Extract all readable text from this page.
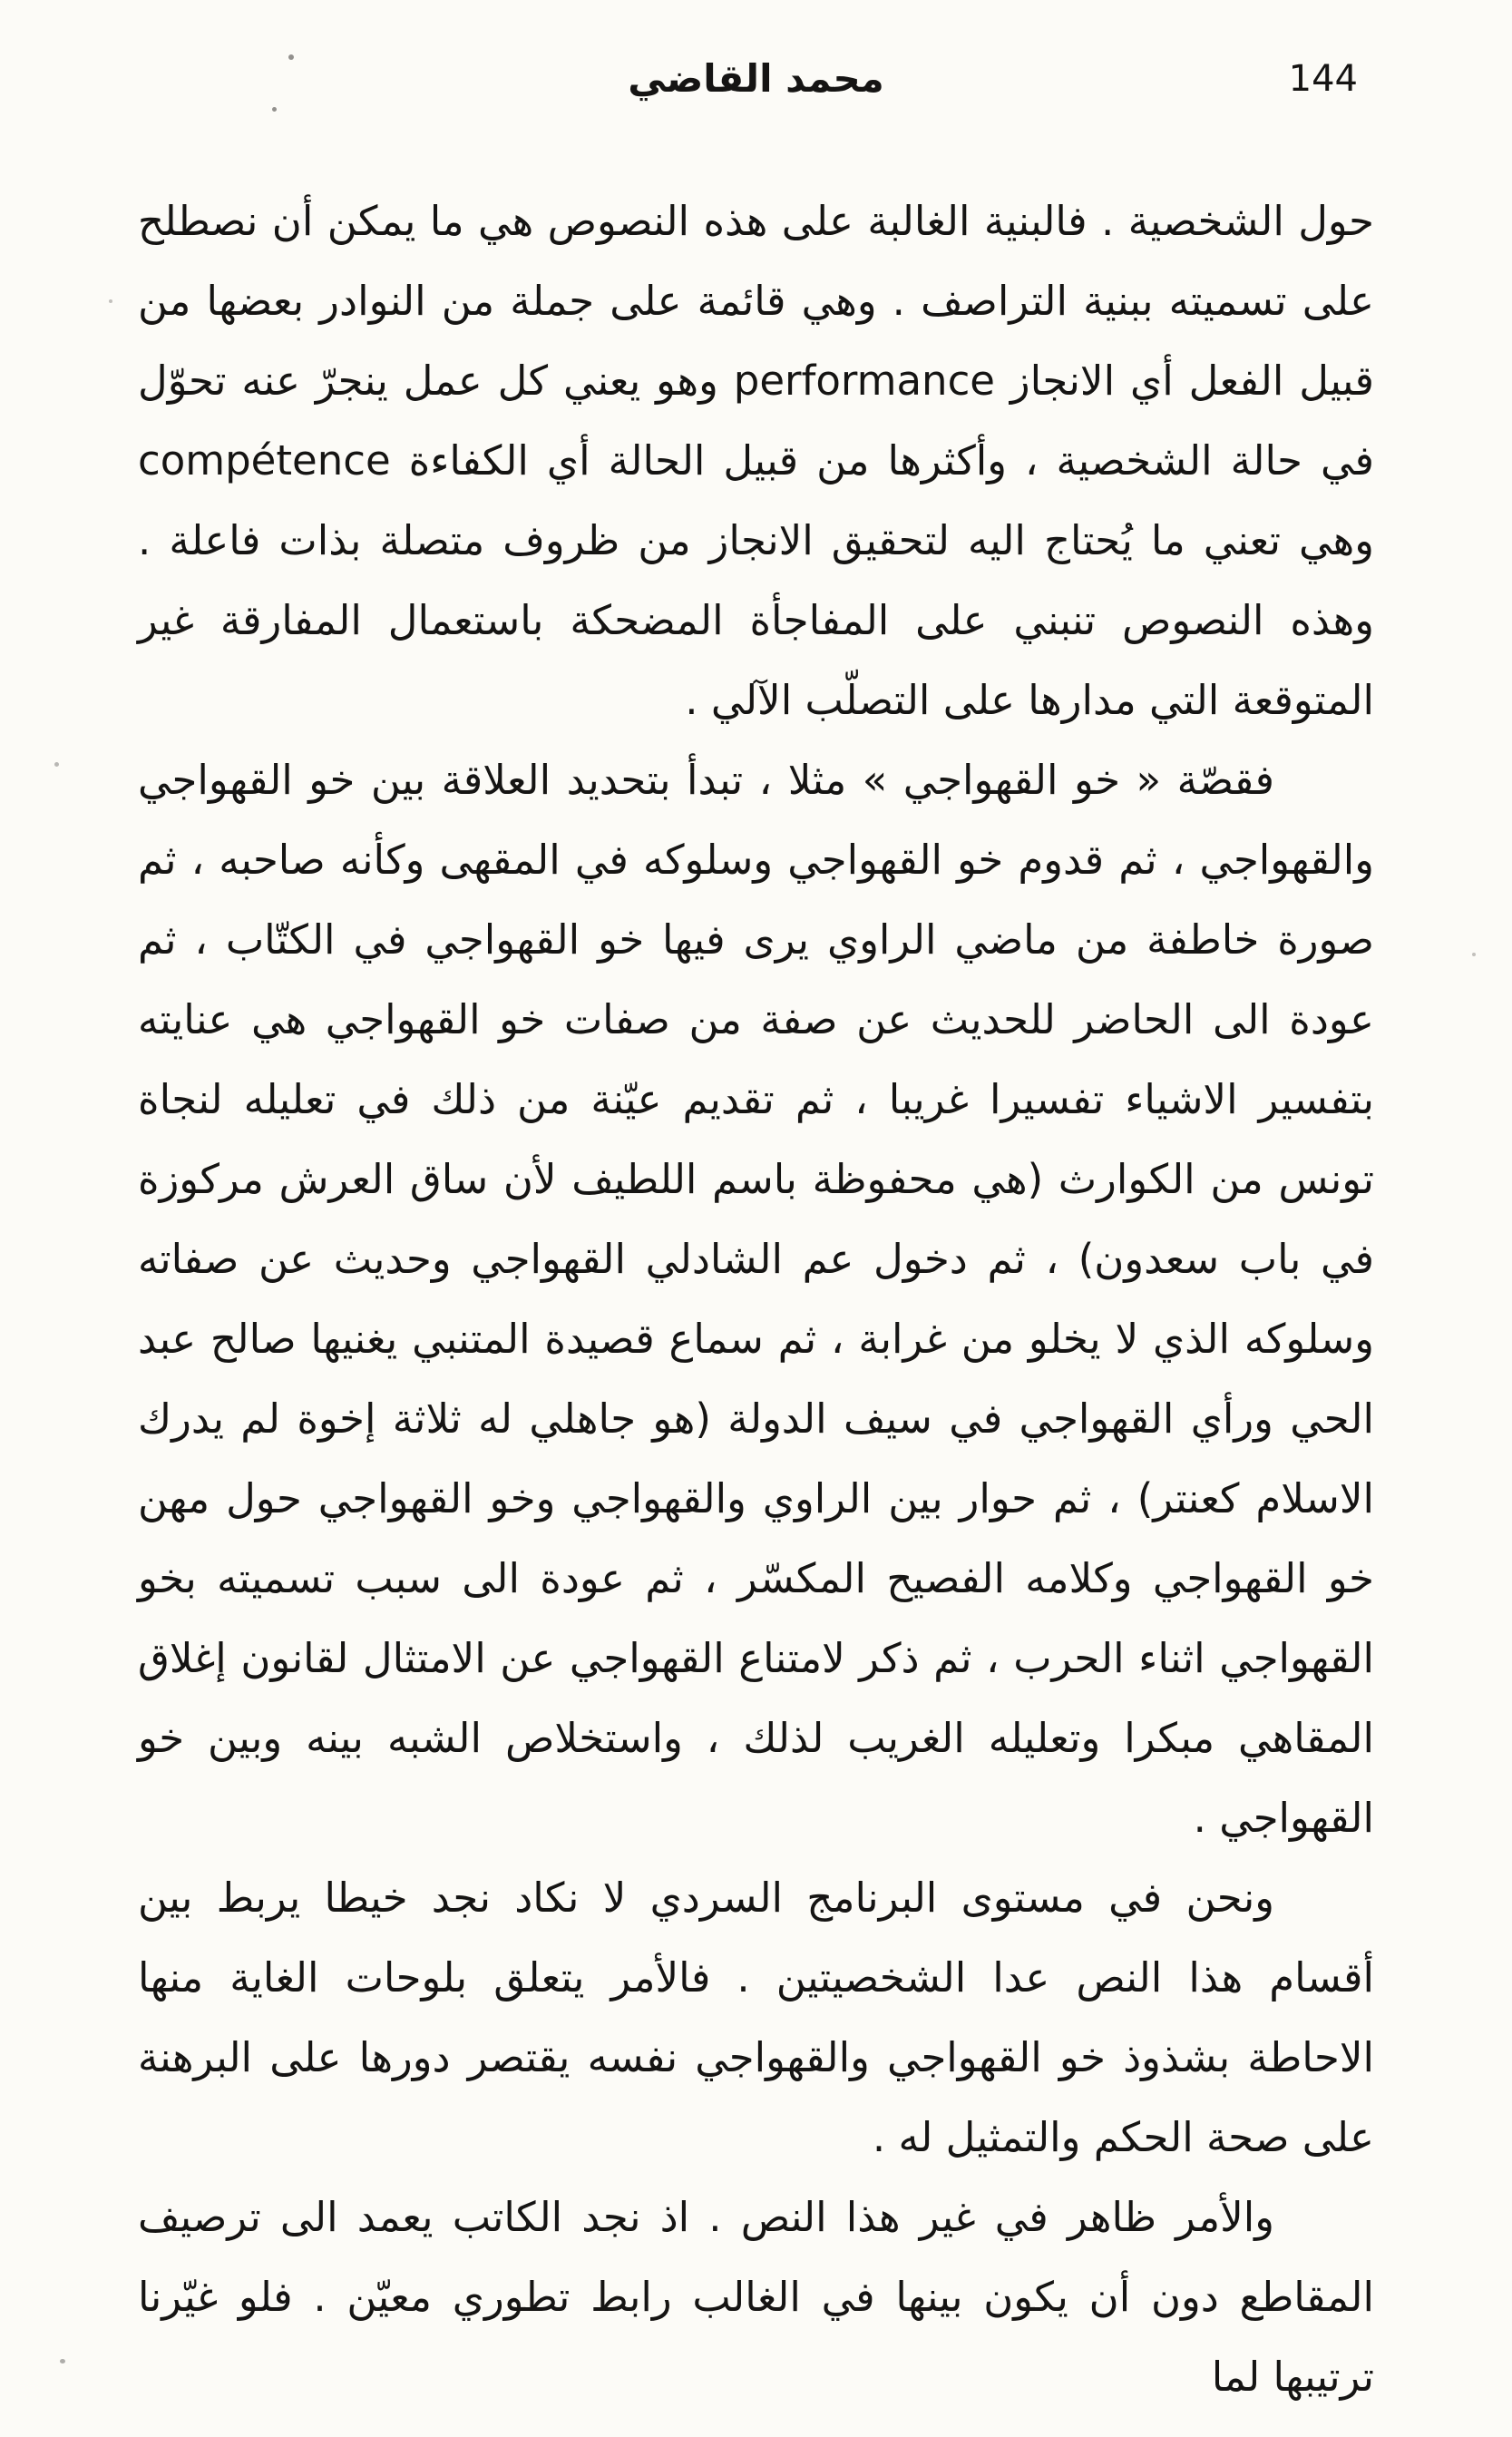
محمد القاضي	144

حول الشخصية . فالبنية الغالبة على هذه النصوص هي ما يمكن أن نصطلح على تسميته ببنية التراصف . وهي قائمة على جملة من النوادر بعضها من قبيل الفعل أي الانجاز performance وهو يعني كل عمل ينجرّ عنه تحوّل في حالة الشخصية ، وأكثرها من قبيل الحالة أي الكفاءة compétence وهي تعني ما يُحتاج اليه لتحقيق الانجاز من ظروف متصلة بذات فاعلة . وهذه النصوص تنبني على المفاجأة المضحكة باستعمال المفارقة غير المتوقعة التي مدارها على التصلّب الآلي .

فقصّة « خو القهواجي » مثلا ، تبدأ بتحديد العلاقة بين خو القهواجي والقهواجي ، ثم قدوم خو القهواجي وسلوكه في المقهى وكأنه صاحبه ، ثم صورة خاطفة من ماضي الراوي يرى فيها خو القهواجي في الكتّاب ، ثم عودة الى الحاضر للحديث عن صفة من صفات خو القهواجي هي عنايته بتفسير الاشياء تفسيرا غريبا ، ثم تقديم عيّنة من ذلك في تعليله لنجاة تونس من الكوارث (هي محفوظة باسم اللطيف لأن ساق العرش مركوزة في باب سعدون) ، ثم دخول عم الشادلي القهواجي وحديث عن صفاته وسلوكه الذي لا يخلو من غرابة ، ثم سماع قصيدة المتنبي يغنيها صالح عبد الحي ورأي القهواجي في سيف الدولة (هو جاهلي له ثلاثة إخوة لم يدرك الاسلام كعنتر) ، ثم حوار بين الراوي والقهواجي وخو القهواجي حول مهن خو القهواجي وكلامه الفصيح المكسّر ، ثم عودة الى سبب تسميته بخو القهواجي اثناء الحرب ، ثم ذكر لامتناع القهواجي عن الامتثال لقانون إغلاق المقاهي مبكرا وتعليله الغريب لذلك ، واستخلاص الشبه بينه وبين خو القهواجي .

ونحن في مستوى البرنامج السردي لا نكاد نجد خيطا يربط بين أقسام هذا النص عدا الشخصيتين . فالأمر يتعلق بلوحات الغاية منها الاحاطة بشذوذ خو القهواجي والقهواجي نفسه يقتصر دورها على البرهنة على صحة الحكم والتمثيل له .

والأمر ظاهر في غير هذا النص . اذ نجد الكاتب يعمد الى ترصيف المقاطع دون أن يكون بينها في الغالب رابط تطوري معيّن . فلو غيّرنا ترتيبها لما
